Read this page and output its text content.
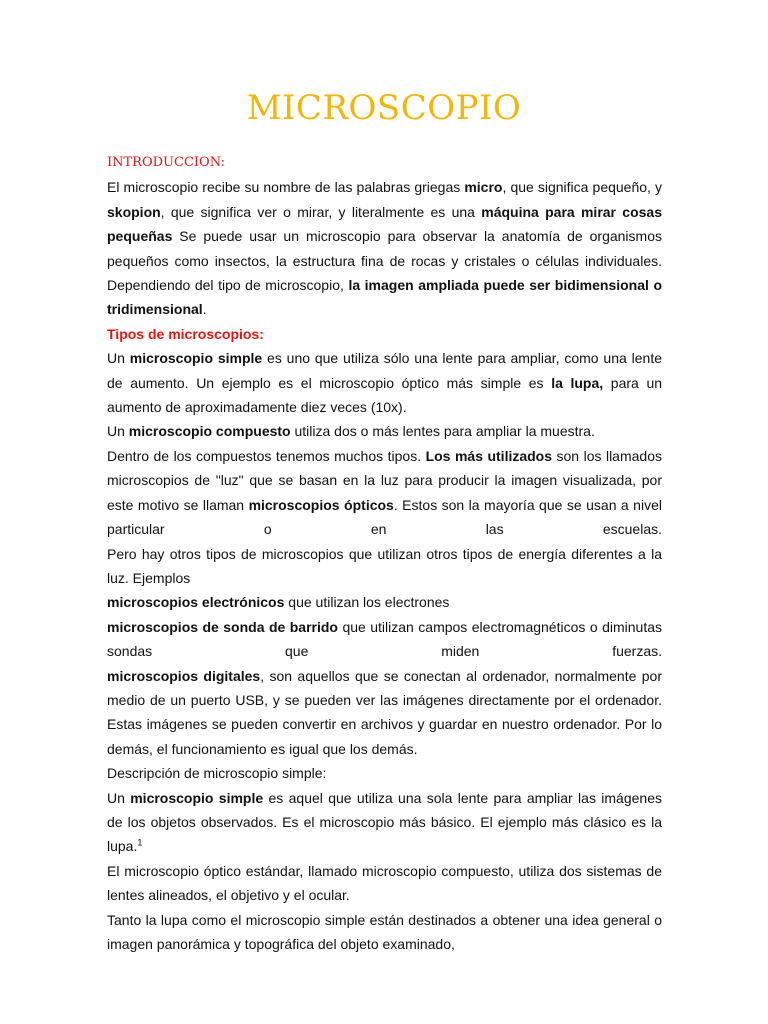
MICROSCOPIO

INTRODUCCION:

El microscopio recibe su nombre de las palabras griegas micro, que significa pequeño, y skopion, que significa ver o mirar, y literalmente es una máquina para mirar cosas pequeñas Se puede usar un microscopio para observar la anatomía de organismos pequeños como insectos, la estructura fina de rocas y cristales o células individuales. Dependiendo del tipo de microscopio, la imagen ampliada puede ser bidimensional o tridimensional.

Tipos de microscopios:

Un microscopio simple es uno que utiliza sólo una lente para ampliar, como una lente de aumento. Un ejemplo es el microscopio óptico más simple es la lupa, para un aumento de aproximadamente diez veces (10x).

Un microscopio compuesto utiliza dos o más lentes para ampliar la muestra.

Dentro de los compuestos tenemos muchos tipos. Los más utilizados son los llamados microscopios de "luz" que se basan en la luz para producir la imagen visualizada, por este motivo se llaman microscopios ópticos. Estos son la mayoría que se usan a nivel particular o en las escuelas.

Pero hay otros tipos de microscopios que utilizan otros tipos de energía diferentes a la luz. Ejemplos

microscopios electrónicos que utilizan los electrones

microscopios de sonda de barrido que utilizan campos electromagnéticos o diminutas sondas que miden fuerzas.

microscopios digitales, son aquellos que se conectan al ordenador, normalmente por medio de un puerto USB, y se pueden ver las imágenes directamente por el ordenador. Estas imágenes se pueden convertir en archivos y guardar en nuestro ordenador. Por lo demás, el funcionamiento es igual que los demás.

Descripción de microscopio simple:

Un microscopio simple es aquel que utiliza una sola lente para ampliar las imágenes de los objetos observados. Es el microscopio más básico. El ejemplo más clásico es la lupa.$^1$

El microscopio óptico estándar, llamado microscopio compuesto, utiliza dos sistemas de lentes alineados, el objetivo y el ocular.

Tanto la lupa como el microscopio simple están destinados a obtener una idea general o imagen panorámica y topográfica del objeto examinado,
